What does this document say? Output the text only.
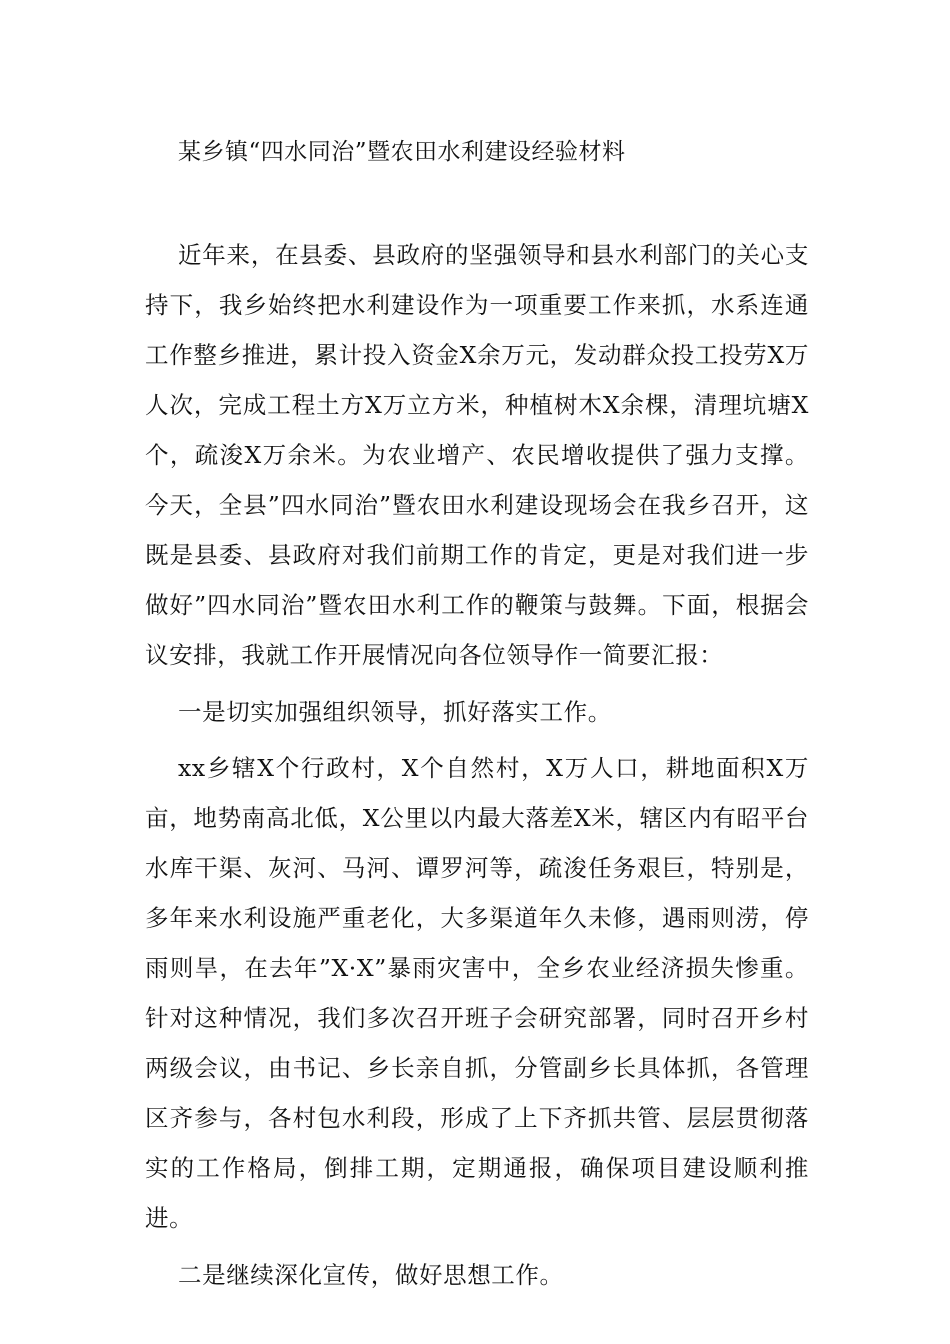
某乡镇“四水同治”暨农田水利建设经验材料

近年来，在县委、县政府的坚强领导和县水利部门的关心支持下，我乡始终把水利建设作为一项重要工作来抓，水系连通工作整乡推进，累计投入资金X余万元，发动群众投工投劳X万人次，完成工程土方X万立方米，种植树木X余棵，清理坑塘X个，疏浚X万余米。为农业增产、农民增收提供了强力支撑。今天，全县”四水同治”暨农田水利建设现场会在我乡召开，这既是县委、县政府对我们前期工作的肯定，更是对我们进一步做好”四水同治”暨农田水利工作的鞭策与鼓舞。下面，根据会议安排，我就工作开展情况向各位领导作一简要汇报：

一是切实加强组织领导，抓好落实工作。

xx乡辖X个行政村，X个自然村，X万人口，耕地面积X万亩，地势南高北低，X公里以内最大落差X米，辖区内有昭平台水库干渠、灰河、马河、谭罗河等，疏浚任务艰巨，特别是，多年来水利设施严重老化，大多渠道年久未修，遇雨则涝，停雨则旱，在去年”X·X”暴雨灾害中，全乡农业经济损失惨重。针对这种情况，我们多次召开班子会研究部署，同时召开乡村两级会议，由书记、乡长亲自抓，分管副乡长具体抓，各管理区齐参与，各村包水利段，形成了上下齐抓共管、层层贯彻落实的工作格局，倒排工期，定期通报，确保项目建设顺利推进。

二是继续深化宣传，做好思想工作。
